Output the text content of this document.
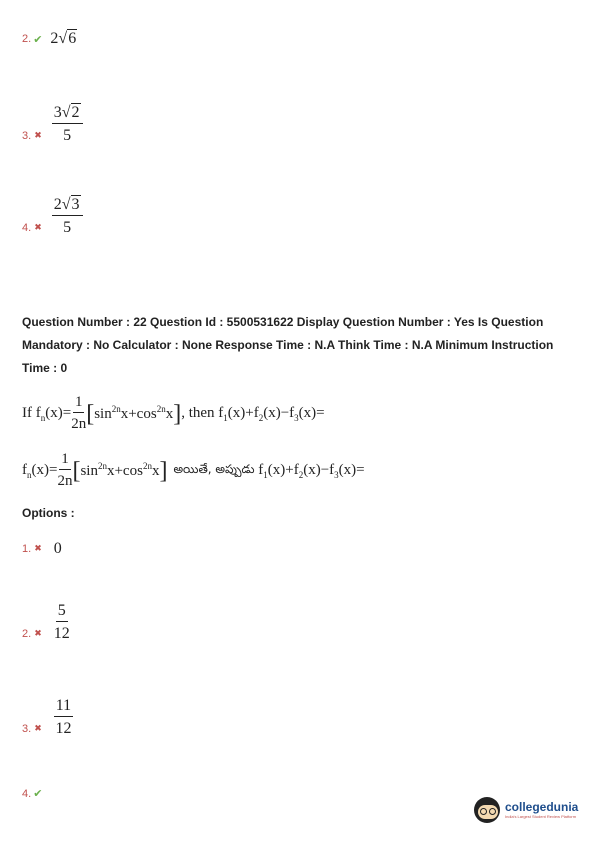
2. ✔ 2√6
3. ✖ $\frac{3√2}{5}$
4. ✖ $\frac{2√3}{5}$
Question Number : 22 Question Id : 5500531622 Display Question Number : Yes Is Question
Mandatory : No Calculator : None Response Time : N.A Think Time : N.A Minimum Instruction
Time : 0
If $f_n(x)= \frac{1}{2n}$ [ $\sin^{2n}x+\cos^{2n}x$ ] , then $f_1(x)+f_2(x)-f_3(x)=$
$f_n(x)= \frac{1}{2n}$ [ $\sin^{2n}x+\cos^{2n}x$ ] అయితే, అప్పుడు $f_1(x)+f_2(x)-f_3(x)=$
Options :
1. ✖ 0
2. ✖ $\frac{5}{12}$
3. ✖ $\frac{11}{12}$
4. ✔
collegedunia
India's Largest Student Review Platform
